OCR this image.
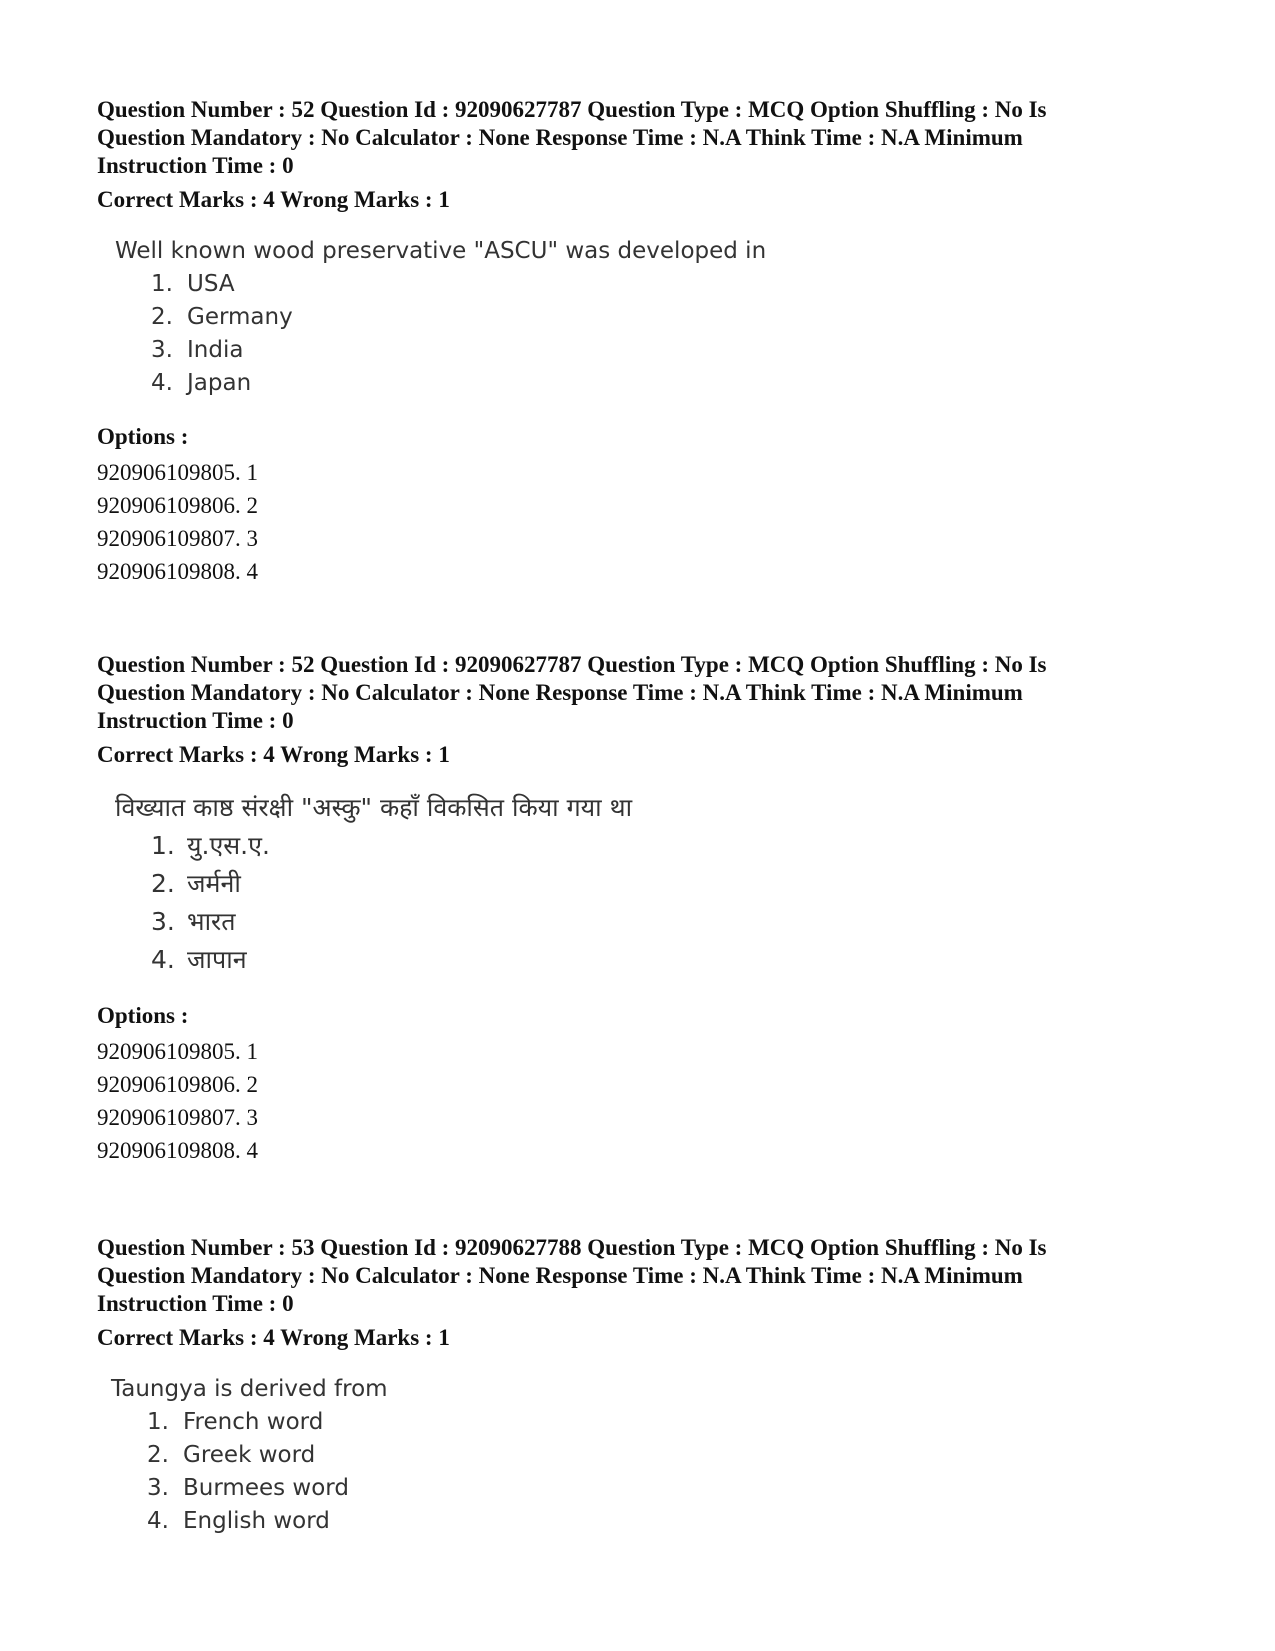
Question Number : 52 Question Id : 92090627787 Question Type : MCQ Option Shuffling : No Is

Question Mandatory : No Calculator : None Response Time : N.A Think Time : N.A Minimum

Instruction Time : 0

Correct Marks : 4 Wrong Marks : 1

Well known wood preservative "ASCU" was developed in

1. USA
2. Germany
3. India
4. Japan

Options :

920906109805. 1
920906109806. 2
920906109807. 3
920906109808. 4

Question Number : 52 Question Id : 92090627787 Question Type : MCQ Option Shuffling : No Is

Question Mandatory : No Calculator : None Response Time : N.A Think Time : N.A Minimum

Instruction Time : 0

Correct Marks : 4 Wrong Marks : 1

विख्यात काष्ठ संरक्षी "अस्कु" कहाँ विकसित किया गया था

1. यु.एस.ए.
2. जर्मनी
3. भारत
4. जापान

Options :

920906109805. 1
920906109806. 2
920906109807. 3
920906109808. 4

Question Number : 53 Question Id : 92090627788 Question Type : MCQ Option Shuffling : No Is

Question Mandatory : No Calculator : None Response Time : N.A Think Time : N.A Minimum

Instruction Time : 0

Correct Marks : 4 Wrong Marks : 1

Taungya is derived from

1. French word
2. Greek word
3. Burmees word
4. English word
